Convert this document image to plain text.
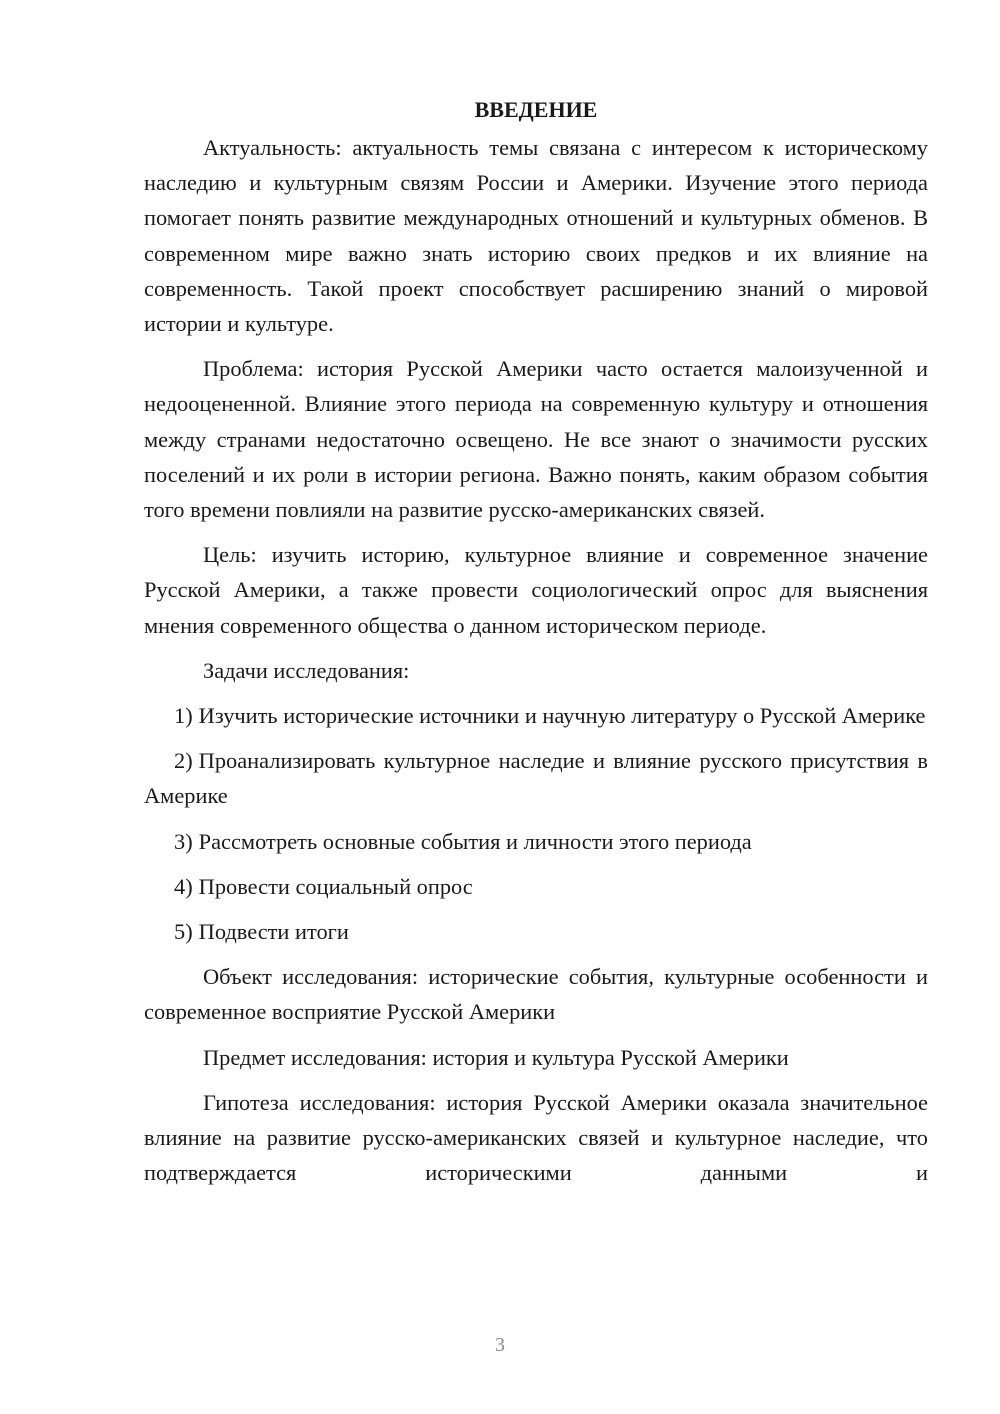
ВВЕДЕНИЕ

Актуальность: актуальность темы связана с интересом к историческому наследию и культурным связям России и Америки. Изучение этого периода помогает понять развитие международных отношений и культурных обменов. В современном мире важно знать историю своих предков и их влияние на современность. Такой проект способствует расширению знаний о мировой истории и культуре.

Проблема: история Русской Америки часто остается малоизученной и недооцененной. Влияние этого периода на современную культуру и отношения между странами недостаточно освещено. Не все знают о значимости русских поселений и их роли в истории региона. Важно понять, каким образом события того времени повлияли на развитие русско-американских связей.

Цель: изучить историю, культурное влияние и современное значение Русской Америки, а также провести социологический опрос для выяснения мнения современного общества о данном историческом периоде.

Задачи исследования:

1) Изучить исторические источники и научную литературу о Русской Америке

2) Проанализировать культурное наследие и влияние русского присутствия в Америке

3) Рассмотреть основные события и личности этого периода

4) Провести социальный опрос

5) Подвести итоги

Объект исследования: исторические события, культурные особенности и современное восприятие Русской Америки

Предмет исследования: история и культура Русской Америки

Гипотеза исследования: история Русской Америки оказала значительное влияние на развитие русско-американских связей и культурное наследие, что подтверждается историческими данными и

3
